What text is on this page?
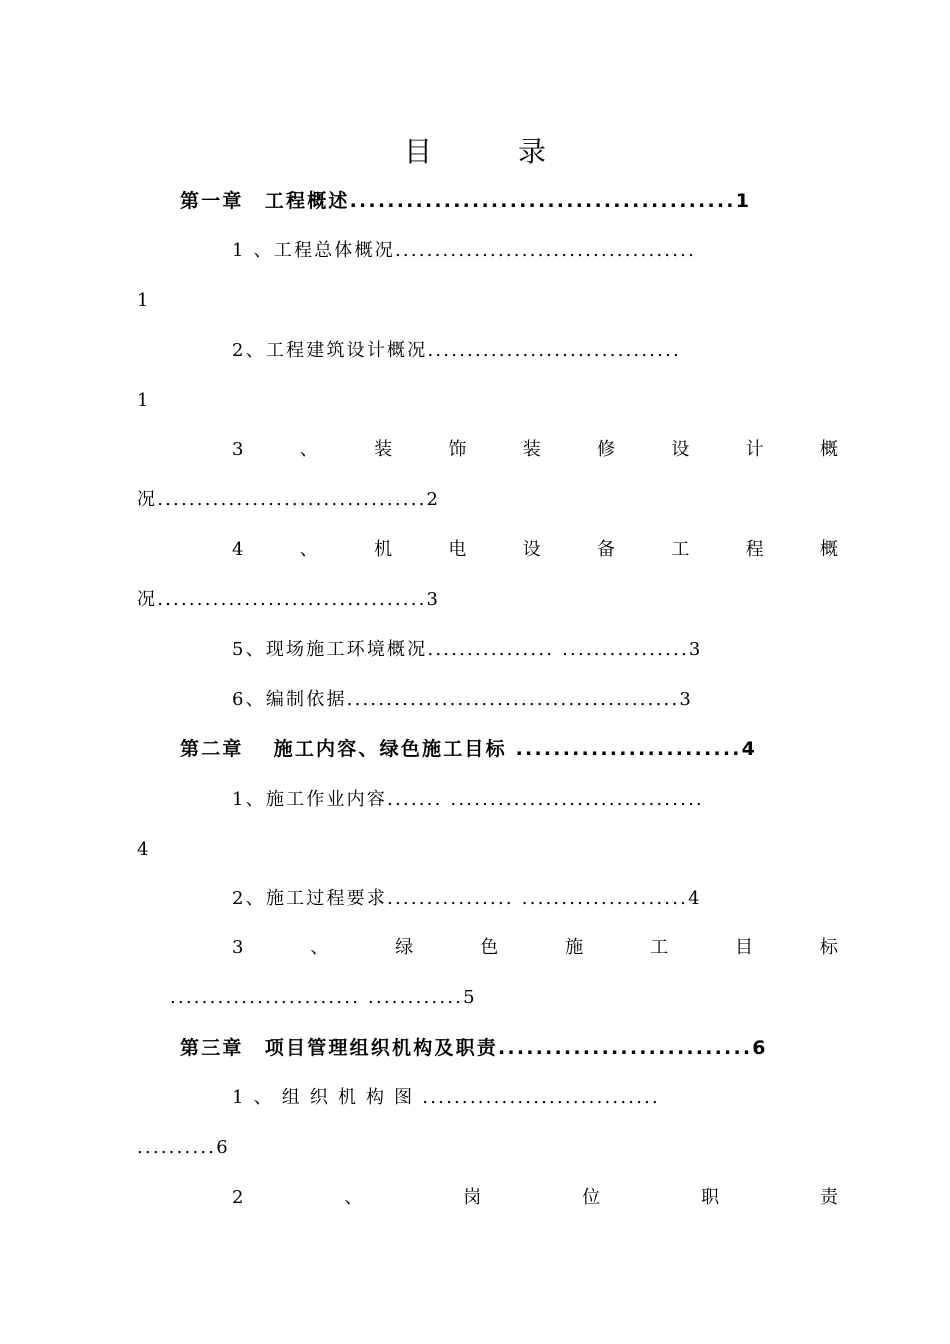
目	录
第一章　工程概述.........................................1
1 、工程总体概况......................................
1
2、工程建筑设计概况................................
1
3	、	装	饰	装	修	设	计	概
况..................................2
4	、	机	电	设	备	工	程	概
况..................................3
5、现场施工环境概况................ ................3
6、编制依据..........................................3
第二章　 施工内容、绿色施工目标 ........................4
1、施工作业内容....... ................................
4
2、施工过程要求................ .....................4
3	、	绿	色	施	工	目	标
........................ ............5
第三章　项目管理组织机构及职责...........................6
1 、 组 织 机 构 图 ..............................
..........6
2	、	岗	位	职	责
